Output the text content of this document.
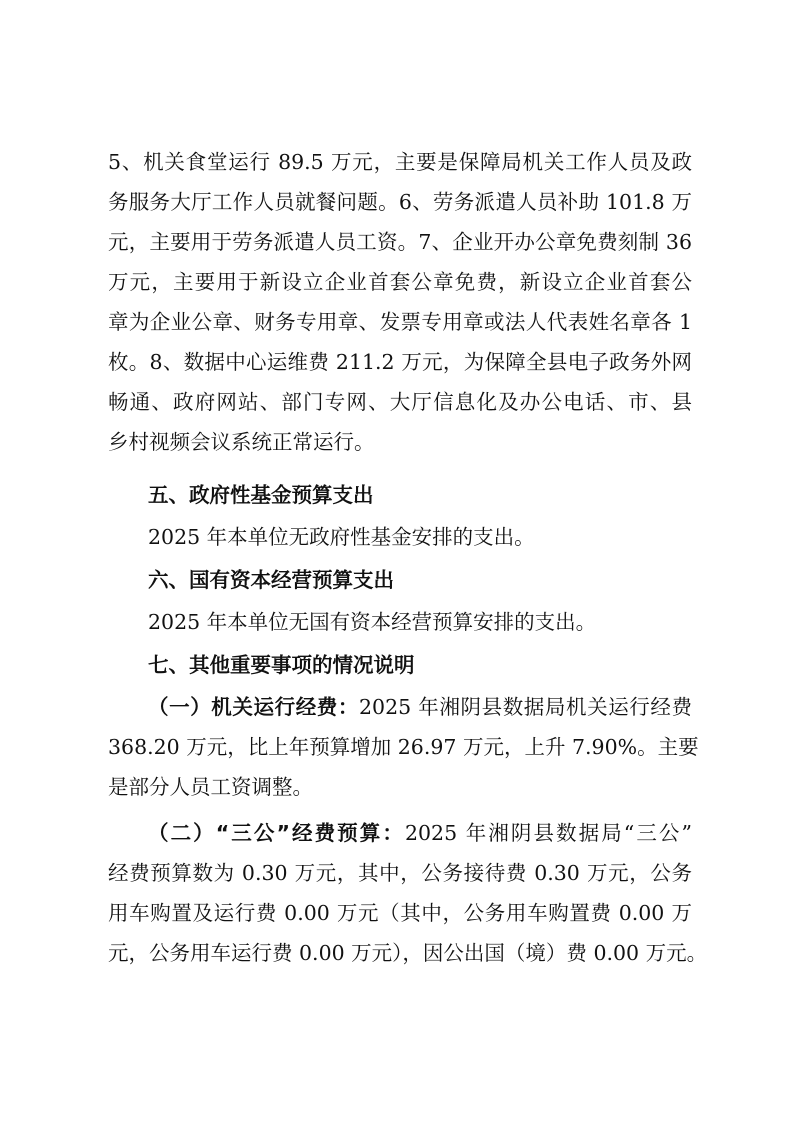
5、机关食堂运行 89.5 万元，主要是保障局机关工作人员及政
务服务大厅工作人员就餐问题。6、劳务派遣人员补助 101.8 万
元，主要用于劳务派遣人员工资。7、企业开办公章免费刻制 36
万元，主要用于新设立企业首套公章免费，新设立企业首套公
章为企业公章、财务专用章、发票专用章或法人代表姓名章各 1
枚。8、数据中心运维费 211.2 万元，为保障全县电子政务外网
畅通、政府网站、部门专网、大厅信息化及办公电话、市、县
乡村视频会议系统正常运行。
五、政府性基金预算支出
2025 年本单位无政府性基金安排的支出。
六、国有资本经营预算支出
2025 年本单位无国有资本经营预算安排的支出。
七、其他重要事项的情况说明
（一）机关运行经费：2025 年湘阴县数据局机关运行经费
368.20 万元，比上年预算增加 26.97 万元，上升 7.90%。主要
是部分人员工资调整。
（二）“三公”经费预算：2025 年湘阴县数据局“三公”
经费预算数为 0.30 万元，其中，公务接待费 0.30 万元，公务
用车购置及运行费 0.00 万元（其中，公务用车购置费 0.00 万
元，公务用车运行费 0.00 万元），因公出国（境）费 0.00 万元。
